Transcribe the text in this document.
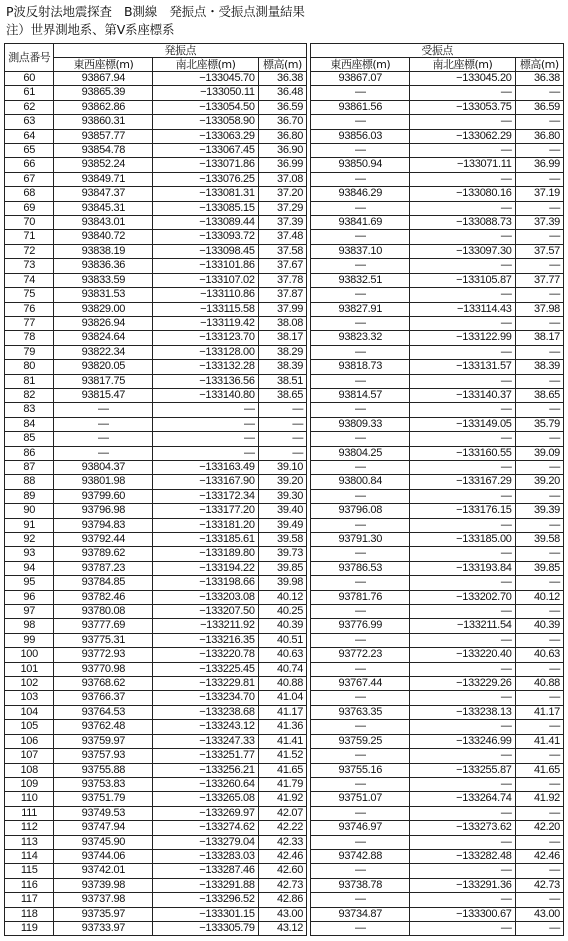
P波反射法地震探査　B測線　発振点・受振点測量結果
注）世界測地系、第Ⅴ系座標系
測点番号	発振点				受振点		
	東西座標(m)	南北座標(m)	標高(m)		東西座標(m)	南北座標(m)	標高(m)
60	93867.94	−133045.70	36.38		93867.07	−133045.20	36.38
61	93865.39	−133050.11	36.48		—	—	—
62	93862.86	−133054.50	36.59		93861.56	−133053.75	36.59
63	93860.31	−133058.90	36.70		—	—	—
64	93857.77	−133063.29	36.80		93856.03	−133062.29	36.80
65	93854.78	−133067.45	36.90		—	—	—
66	93852.24	−133071.86	36.99		93850.94	−133071.11	36.99
67	93849.71	−133076.25	37.08		—	—	—
68	93847.37	−133081.31	37.20		93846.29	−133080.16	37.19
69	93845.31	−133085.15	37.29		—	—	—
70	93843.01	−133089.44	37.39		93841.69	−133088.73	37.39
71	93840.72	−133093.72	37.48		—	—	—
72	93838.19	−133098.45	37.58		93837.10	−133097.30	37.57
73	93836.36	−133101.86	37.67		—	—	—
74	93833.59	−133107.02	37.78		93832.51	−133105.87	37.77
75	93831.53	−133110.86	37.87		—	—	—
76	93829.00	−133115.58	37.99		93827.91	−133114.43	37.98
77	93826.94	−133119.42	38.08		—	—	—
78	93824.64	−133123.70	38.17		93823.32	−133122.99	38.17
79	93822.34	−133128.00	38.29		—	—	—
80	93820.05	−133132.28	38.39		93818.73	−133131.57	38.39
81	93817.75	−133136.56	38.51		—	—	—
82	93815.47	−133140.80	38.65		93814.57	−133140.37	38.65
83	—	—	—		—	—	—
84	—	—	—		93809.33	−133149.05	35.79
85	—	—	—		—	—	—
86	—	—	—		93804.25	−133160.55	39.09
87	93804.37	−133163.49	39.10		—	—	—
88	93801.98	−133167.90	39.20		93800.84	−133167.29	39.20
89	93799.60	−133172.34	39.30		—	—	—
90	93796.98	−133177.20	39.40		93796.08	−133176.15	39.39
91	93794.83	−133181.20	39.49		—	—	—
92	93792.44	−133185.61	39.58		93791.30	−133185.00	39.58
93	93789.62	−133189.80	39.73		—	—	—
94	93787.23	−133194.22	39.85		93786.53	−133193.84	39.85
95	93784.85	−133198.66	39.98		—	—	—
96	93782.46	−133203.08	40.12		93781.76	−133202.70	40.12
97	93780.08	−133207.50	40.25		—	—	—
98	93777.69	−133211.92	40.39		93776.99	−133211.54	40.39
99	93775.31	−133216.35	40.51		—	—	—
100	93772.93	−133220.78	40.63		93772.23	−133220.40	40.63
101	93770.98	−133225.45	40.74		—	—	—
102	93768.62	−133229.81	40.88		93767.44	−133229.26	40.88
103	93766.37	−133234.70	41.04		—	—	—
104	93764.53	−133238.68	41.17		93763.35	−133238.13	41.17
105	93762.48	−133243.12	41.36		—	—	—
106	93759.97	−133247.33	41.41		93759.25	−133246.99	41.41
107	93757.93	−133251.77	41.52		—	—	—
108	93755.88	−133256.21	41.65		93755.16	−133255.87	41.65
109	93753.83	−133260.64	41.79		—	—	—
110	93751.79	−133265.08	41.92		93751.07	−133264.74	41.92
111	93749.53	−133269.97	42.07		—	—	—
112	93747.94	−133274.62	42.22		93746.97	−133273.62	42.20
113	93745.90	−133279.04	42.33		—	—	—
114	93744.06	−133283.03	42.46		93742.88	−133282.48	42.46
115	93742.01	−133287.46	42.60		—	—	—
116	93739.98	−133291.88	42.73		93738.78	−133291.36	42.73
117	93737.98	−133296.52	42.86		—	—	—
118	93735.97	−133301.15	43.00		93734.87	−133300.67	43.00
119	93733.97	−133305.79	43.12		—	—	—
